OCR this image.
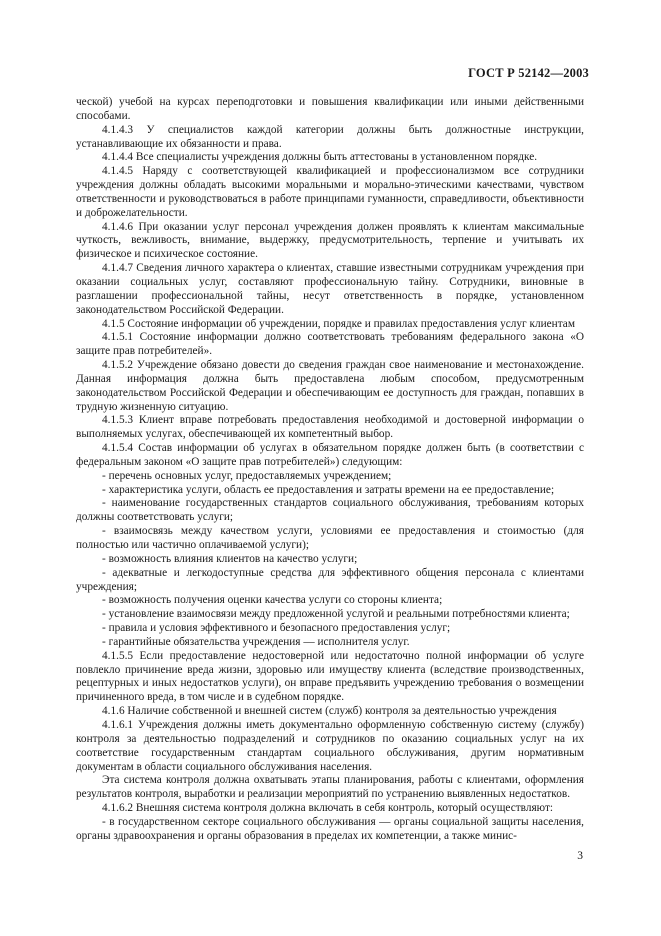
ГОСТ Р 52142—2003

ческой) учебой на курсах переподготовки и повышения квалификации или иными действенными способами.

4.1.4.3 У специалистов каждой категории должны быть должностные инструкции, устанавливающие их обязанности и права.

4.1.4.4 Все специалисты учреждения должны быть аттестованы в установленном порядке.

4.1.4.5 Наряду с соответствующей квалификацией и профессионализмом все сотрудники учреждения должны обладать высокими моральными и морально-этическими качествами, чувством ответственности и руководствоваться в работе принципами гуманности, справедливости, объективности и доброжелательности.

4.1.4.6 При оказании услуг персонал учреждения должен проявлять к клиентам максимальные чуткость, вежливость, внимание, выдержку, предусмотрительность, терпение и учитывать их физическое и психическое состояние.

4.1.4.7 Сведения личного характера о клиентах, ставшие известными сотрудникам учреждения при оказании социальных услуг, составляют профессиональную тайну. Сотрудники, виновные в разглашении профессиональной тайны, несут ответственность в порядке, установленном законодательством Российской Федерации.

4.1.5 Состояние информации об учреждении, порядке и правилах предоставления услуг клиентам

4.1.5.1 Состояние информации должно соответствовать требованиям федерального закона «О защите прав потребителей».

4.1.5.2 Учреждение обязано довести до сведения граждан свое наименование и местонахождение. Данная информация должна быть предоставлена любым способом, предусмотренным законодательством Российской Федерации и обеспечивающим ее доступность для граждан, попавших в трудную жизненную ситуацию.

4.1.5.3 Клиент вправе потребовать предоставления необходимой и достоверной информации о выполняемых услугах, обеспечивающей их компетентный выбор.

4.1.5.4 Состав информации об услугах в обязательном порядке должен быть (в соответствии с федеральным законом «О защите прав потребителей») следующим:

- перечень основных услуг, предоставляемых учреждением;

- характеристика услуги, область ее предоставления и затраты времени на ее предоставление;

- наименование государственных стандартов социального обслуживания, требованиям которых должны соответствовать услуги;

- взаимосвязь между качеством услуги, условиями ее предоставления и стоимостью (для полностью или частично оплачиваемой услуги);

- возможность влияния клиентов на качество услуги;

- адекватные и легкодоступные средства для эффективного общения персонала с клиентами учреждения;

- возможность получения оценки качества услуги со стороны клиента;

- установление взаимосвязи между предложенной услугой и реальными потребностями клиента;

- правила и условия эффективного и безопасного предоставления услуг;

- гарантийные обязательства учреждения — исполнителя услуг.

4.1.5.5 Если предоставление недостоверной или недостаточно полной информации об услуге повлекло причинение вреда жизни, здоровью или имуществу клиента (вследствие производственных, рецептурных и иных недостатков услуги), он вправе предъявить учреждению требования о возмещении причиненного вреда, в том числе и в судебном порядке.

4.1.6 Наличие собственной и внешней систем (служб) контроля за деятельностью учреждения

4.1.6.1 Учреждения должны иметь документально оформленную собственную систему (службу) контроля за деятельностью подразделений и сотрудников по оказанию социальных услуг на их соответствие государственным стандартам социального обслуживания, другим нормативным документам в области социального обслуживания населения.

Эта система контроля должна охватывать этапы планирования, работы с клиентами, оформления результатов контроля, выработки и реализации мероприятий по устранению выявленных недостатков.

4.1.6.2 Внешняя система контроля должна включать в себя контроль, который осуществляют:

- в государственном секторе социального обслуживания — органы социальной защиты населения, органы здравоохранения и органы образования в пределах их компетенции, а также минис-

3
